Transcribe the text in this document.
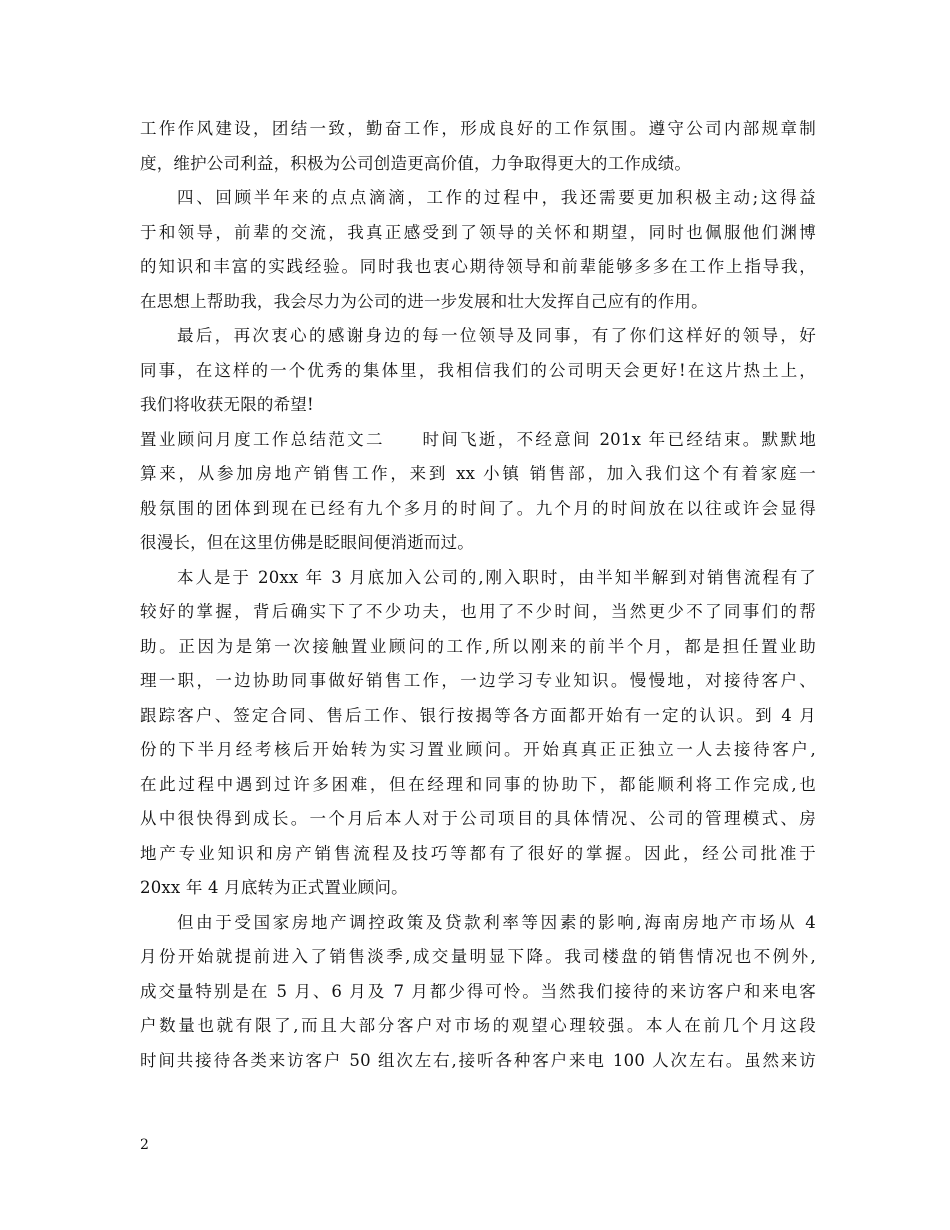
工作作风建设，团结一致，勤奋工作，形成良好的工作氛围。遵守公司内部规章制
度，维护公司利益，积极为公司创造更高价值，力争取得更大的工作成绩。
四、回顾半年来的点点滴滴，工作的过程中，我还需要更加积极主动;这得益
于和领导，前辈的交流，我真正感受到了领导的关怀和期望，同时也佩服他们渊博
的知识和丰富的实践经验。同时我也衷心期待领导和前辈能够多多在工作上指导我，
在思想上帮助我，我会尽力为公司的进一步发展和壮大发挥自己应有的作用。
最后，再次衷心的感谢身边的每一位领导及同事，有了你们这样好的领导，好
同事，在这样的一个优秀的集体里，我相信我们的公司明天会更好!在这片热土上，
我们将收获无限的希望!
置业顾问月度工作总结范文二　　时间飞逝，不经意间 201x 年已经结束。默默地
算来，从参加房地产销售工作，来到 xx 小镇 销售部，加入我们这个有着家庭一
般氛围的团体到现在已经有九个多月的时间了。九个月的时间放在以往或许会显得
很漫长，但在这里仿佛是眨眼间便消逝而过。
本人是于 20xx 年 3 月底加入公司的,刚入职时，由半知半解到对销售流程有了
较好的掌握，背后确实下了不少功夫，也用了不少时间，当然更少不了同事们的帮
助。正因为是第一次接触置业顾问的工作,所以刚来的前半个月，都是担任置业助
理一职，一边协助同事做好销售工作，一边学习专业知识。慢慢地，对接待客户、
跟踪客户、签定合同、售后工作、银行按揭等各方面都开始有一定的认识。到 4 月
份的下半月经考核后开始转为实习置业顾问。开始真真正正独立一人去接待客户,
在此过程中遇到过许多困难，但在经理和同事的协助下，都能顺利将工作完成,也
从中很快得到成长。一个月后本人对于公司项目的具体情况、公司的管理模式、房
地产专业知识和房产销售流程及技巧等都有了很好的掌握。因此，经公司批准于
20xx 年 4 月底转为正式置业顾问。
但由于受国家房地产调控政策及贷款利率等因素的影响,海南房地产市场从 4
月份开始就提前进入了销售淡季,成交量明显下降。我司楼盘的销售情况也不例外,
成交量特别是在 5 月、6 月及 7 月都少得可怜。当然我们接待的来访客户和来电客
户数量也就有限了,而且大部分客户对市场的观望心理较强。本人在前几个月这段
时间共接待各类来访客户 50 组次左右,接听各种客户来电 100 人次左右。虽然来访
2
